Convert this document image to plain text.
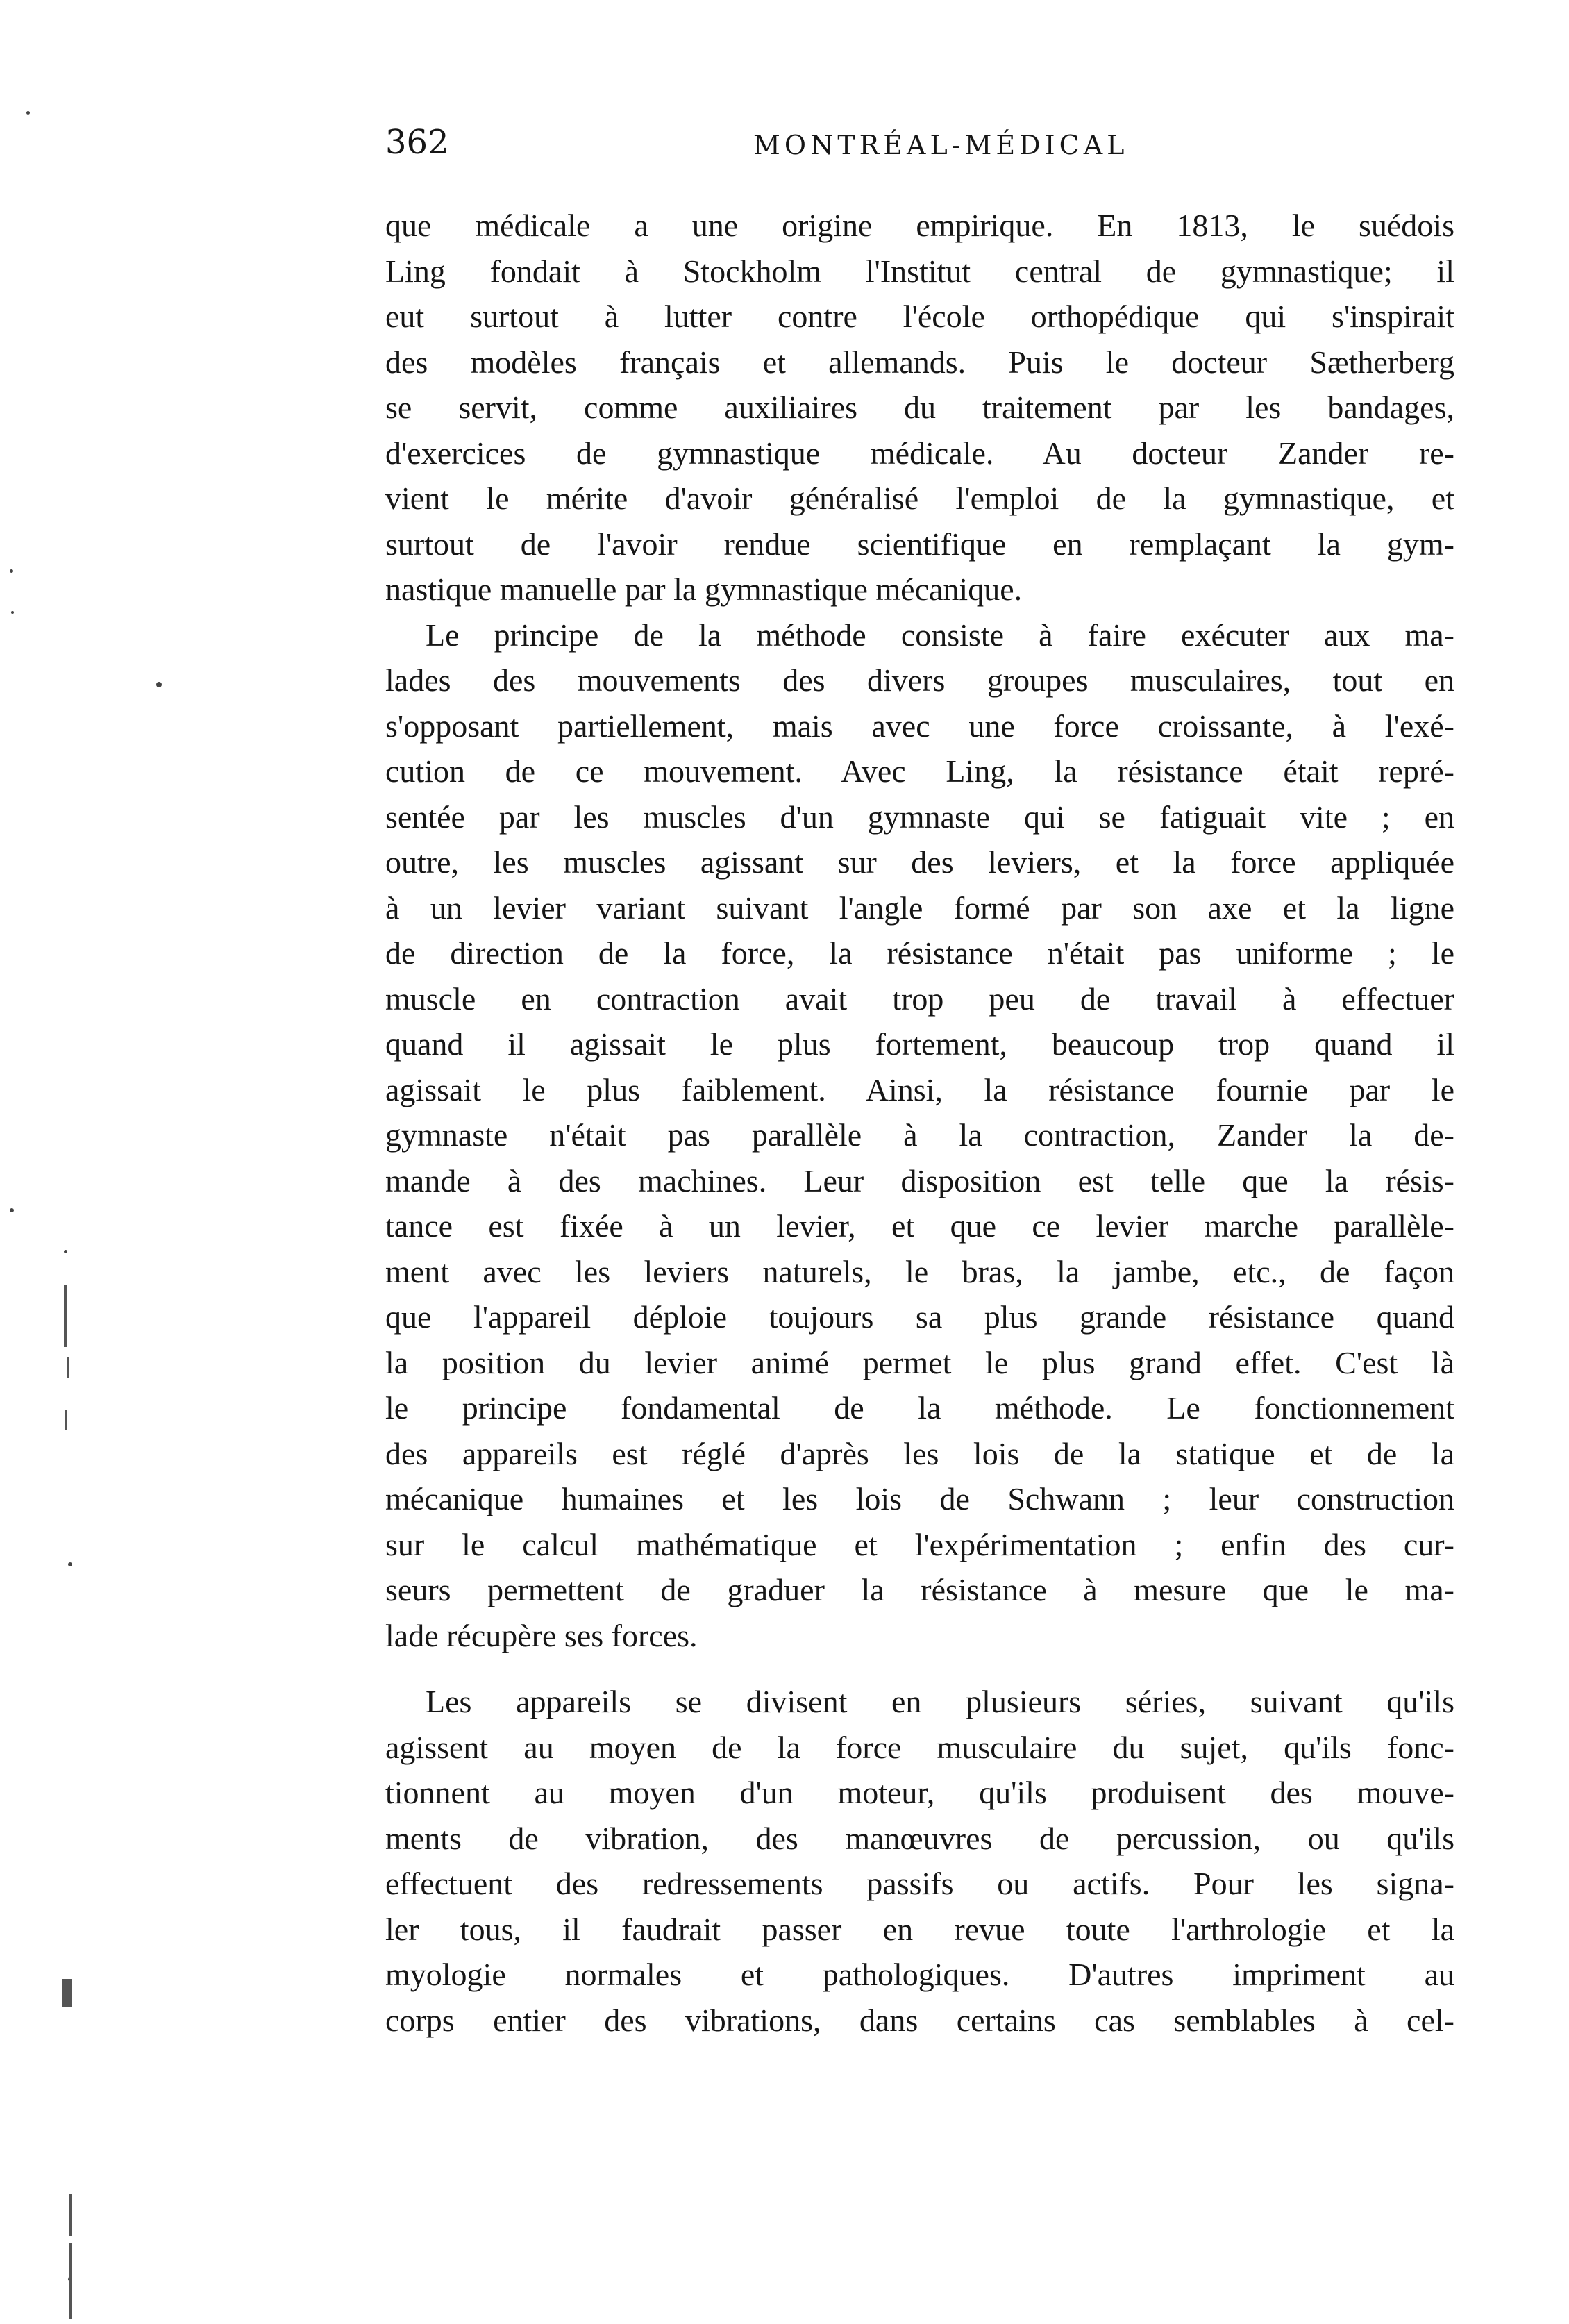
362	MONTRÉAL-MÉDICAL

que médicale a une origine empirique. En 1813, le suédois
Ling fondait à Stockholm l'Institut central de gymnastique; il
eut surtout à lutter contre l'école orthopédique qui s'inspirait
des modèles français et allemands. Puis le docteur Sætherberg
se servit, comme auxiliaires du traitement par les bandages,
d'exercices de gymnastique médicale. Au docteur Zander re-
vient le mérite d'avoir généralisé l'emploi de la gymnastique, et
surtout de l'avoir rendue scientifique en remplaçant la gym-
nastique manuelle par la gymnastique mécanique.

Le principe de la méthode consiste à faire exécuter aux ma-
lades des mouvements des divers groupes musculaires, tout en
s'opposant partiellement, mais avec une force croissante, à l'exé-
cution de ce mouvement. Avec Ling, la résistance était repré-
sentée par les muscles d'un gymnaste qui se fatiguait vite ; en
outre, les muscles agissant sur des leviers, et la force appliquée
à un levier variant suivant l'angle formé par son axe et la ligne
de direction de la force, la résistance n'était pas uniforme ; le
muscle en contraction avait trop peu de travail à effectuer
quand il agissait le plus fortement, beaucoup trop quand il
agissait le plus faiblement. Ainsi, la résistance fournie par le
gymnaste n'était pas parallèle à la contraction, Zander la de-
mande à des machines. Leur disposition est telle que la résis-
tance est fixée à un levier, et que ce levier marche parallèle-
ment avec les leviers naturels, le bras, la jambe, etc., de façon
que l'appareil déploie toujours sa plus grande résistance quand
la position du levier animé permet le plus grand effet. C'est là
le principe fondamental de la méthode. Le fonctionnement
des appareils est réglé d'après les lois de la statique et de la
mécanique humaines et les lois de Schwann ; leur construction
sur le calcul mathématique et l'expérimentation ; enfin des cur-
seurs permettent de graduer la résistance à mesure que le ma-
lade récupère ses forces.

Les appareils se divisent en plusieurs séries, suivant qu'ils
agissent au moyen de la force musculaire du sujet, qu'ils fonc-
tionnent au moyen d'un moteur, qu'ils produisent des mouve-
ments de vibration, des manœuvres de percussion, ou qu'ils
effectuent des redressements passifs ou actifs. Pour les signa-
ler tous, il faudrait passer en revue toute l'arthrologie et la
myologie normales et pathologiques. D'autres impriment au
corps entier des vibrations, dans certains cas semblables à cel-
